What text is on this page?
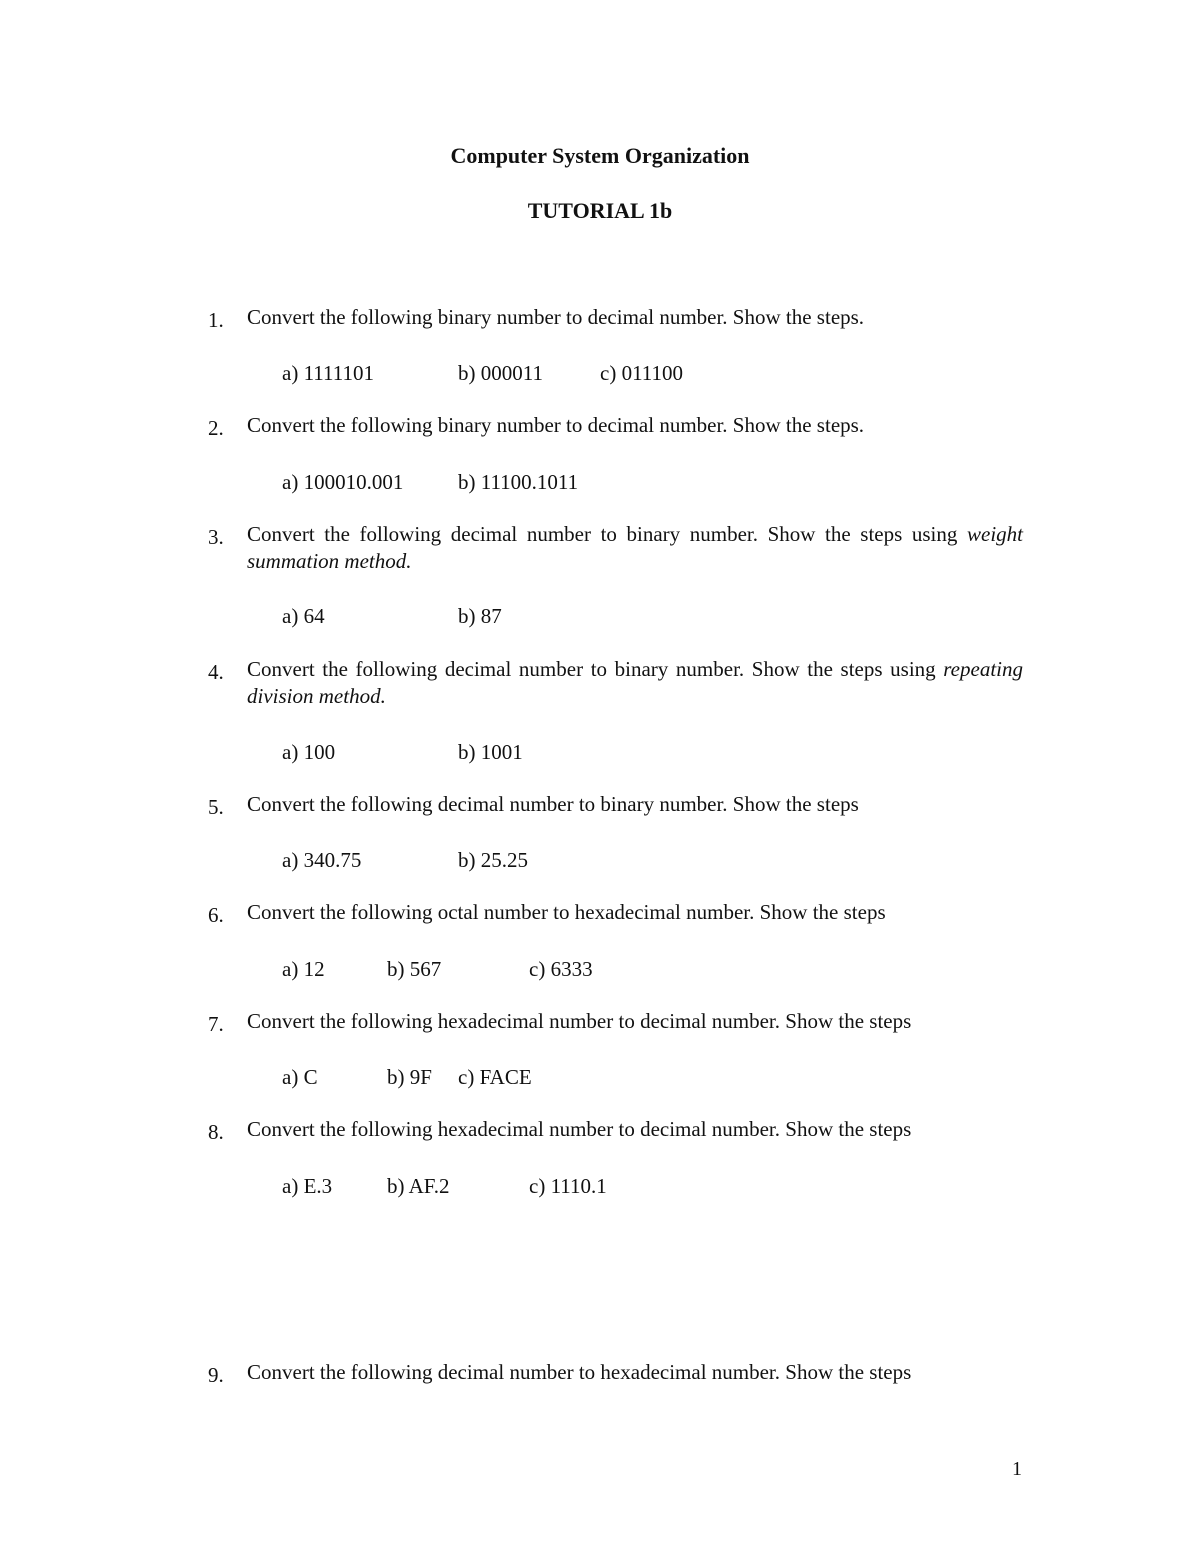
Computer System Organization
TUTORIAL 1b
1.	Convert the following binary number to decimal number. Show the steps.
a) 1111101	b) 000011	c) 011100
2.	Convert the following binary number to decimal number. Show the steps.
a) 100010.001	b) 11100.1011
3.	Convert the following decimal number to binary number. Show the steps using weight summation method.
a) 64	b) 87
4.	Convert the following decimal number to binary number. Show the steps using repeating division method.
a) 100	b) 1001
5.	Convert the following decimal number to binary number. Show the steps
a) 340.75	b) 25.25
6.	Convert the following octal number to hexadecimal number. Show the steps
a) 12	b) 567	c) 6333
7.	Convert the following hexadecimal number to decimal number. Show the steps
a) C	b) 9F c) FACE
8.	Convert the following hexadecimal number to decimal number. Show the steps
a) E.3	b) AF.2	c) 1110.1
9.	Convert the following decimal number to hexadecimal number. Show the steps
1
